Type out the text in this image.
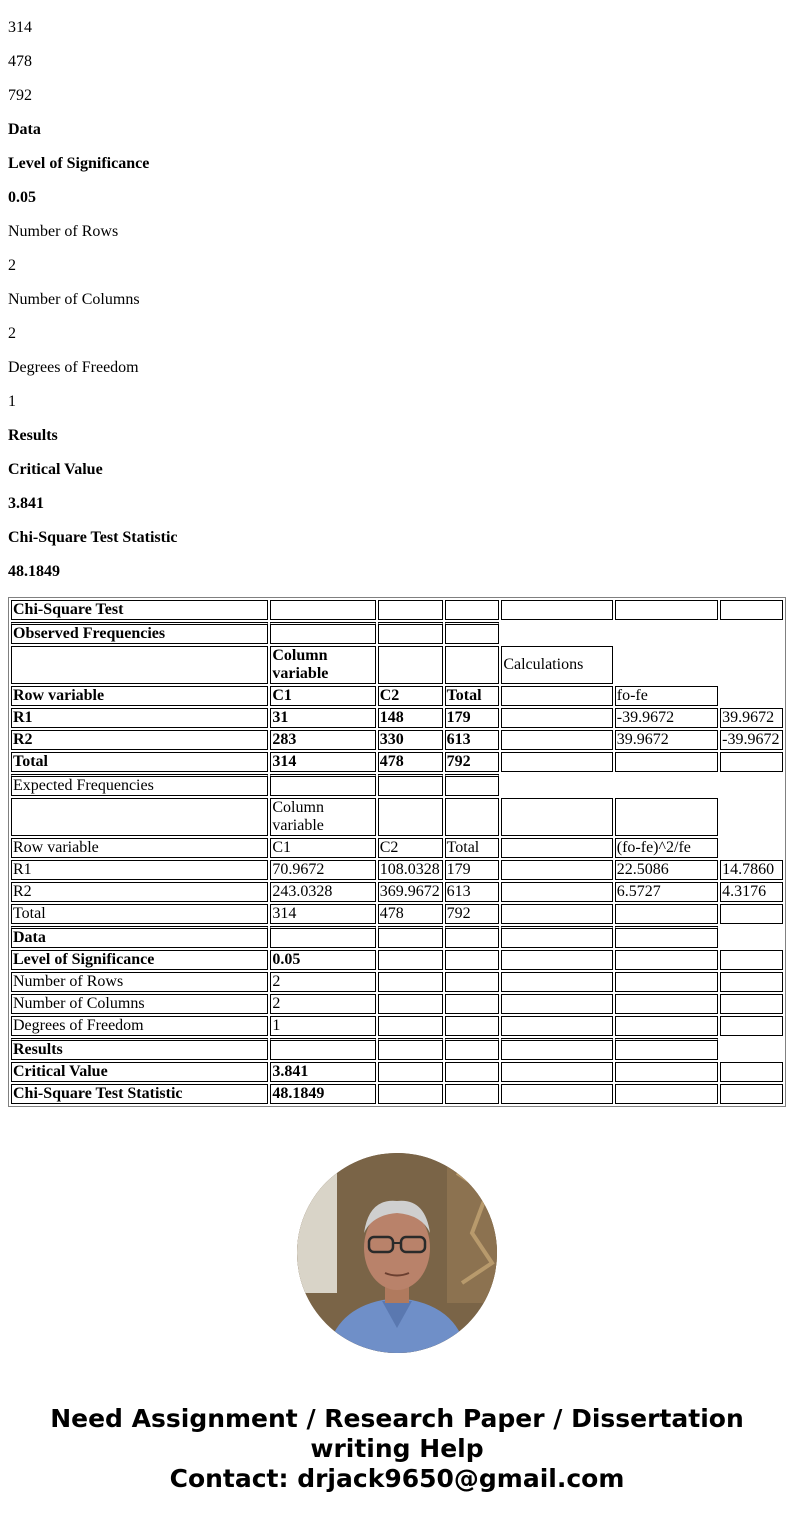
314

478

792

Data

Level of Significance

0.05

Number of Rows

2

Number of Columns

2

Degrees of Freedom

1

Results

Critical Value

3.841

Chi-Square Test Statistic

48.1849

Chi-Square Test						
Observed Frequencies						
	Column variable			Calculations		
Row variable	C1	C2	Total		fo-fe	
R1	31	148	179		-39.9672	39.9672
R2	283	330	613		39.9672	-39.9672
Total	314	478	792			
Expected Frequencies						
	Column variable					
Row variable	C1	C2	Total		(fo-fe)^2/fe	
R1	70.9672	108.0328	179		22.5086	14.7860
R2	243.0328	369.9672	613		6.5727	4.3176
Total	314	478	792			
Data						
Level of Significance	0.05					
Number of Rows	2					
Number of Columns	2					
Degrees of Freedom	1					
Results						
Critical Value	3.841					
Chi-Square Test Statistic	48.1849					
Need Assignment / Research Paper / Dissertation
writing Help
Contact: drjack9650@gmail.com
